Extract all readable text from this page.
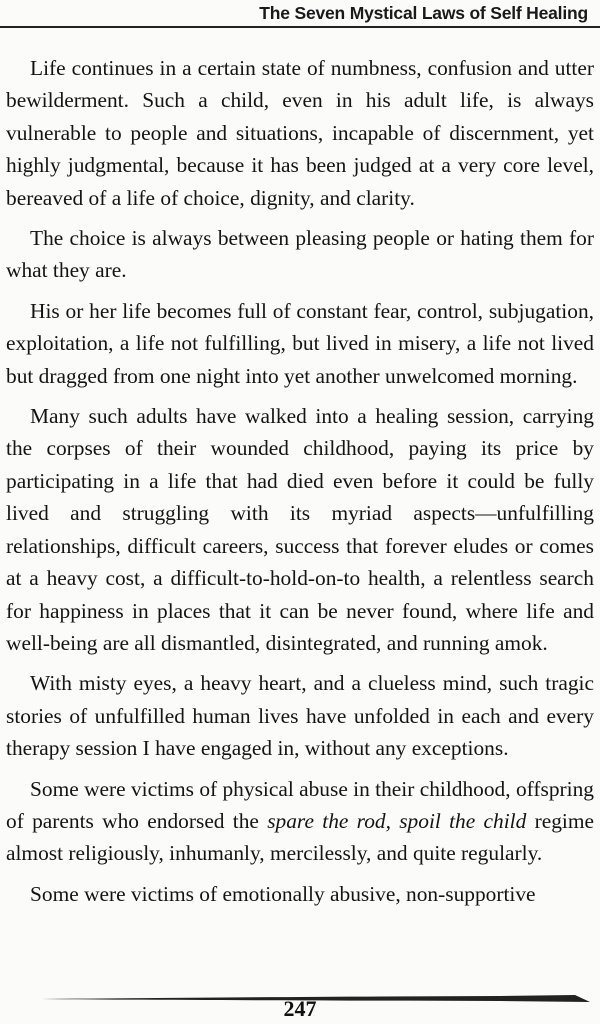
The Seven Mystical Laws of Self Healing

Life continues in a certain state of numbness, confusion and utter bewilderment. Such a child, even in his adult life, is always vulnerable to people and situations, incapable of discernment, yet highly judgmental, because it has been judged at a very core level, bereaved of a life of choice, dignity, and clarity.

The choice is always between pleasing people or hating them for what they are.

His or her life becomes full of constant fear, control, subjugation, exploitation, a life not fulfilling, but lived in misery, a life not lived but dragged from one night into yet another unwelcomed morning.

Many such adults have walked into a healing session, carrying the corpses of their wounded childhood, paying its price by participating in a life that had died even before it could be fully lived and struggling with its myriad aspects—unfulfilling relationships, difficult careers, success that forever eludes or comes at a heavy cost, a difficult-to-hold-on-to health, a relentless search for happiness in places that it can be never found, where life and well-being are all dismantled, disintegrated, and running amok.

With misty eyes, a heavy heart, and a clueless mind, such tragic stories of unfulfilled human lives have unfolded in each and every therapy session I have engaged in, without any exceptions.

Some were victims of physical abuse in their childhood, offspring of parents who endorsed the spare the rod, spoil the child regime almost religiously, inhumanly, mercilessly, and quite regularly.

Some were victims of emotionally abusive, non-supportive

247
